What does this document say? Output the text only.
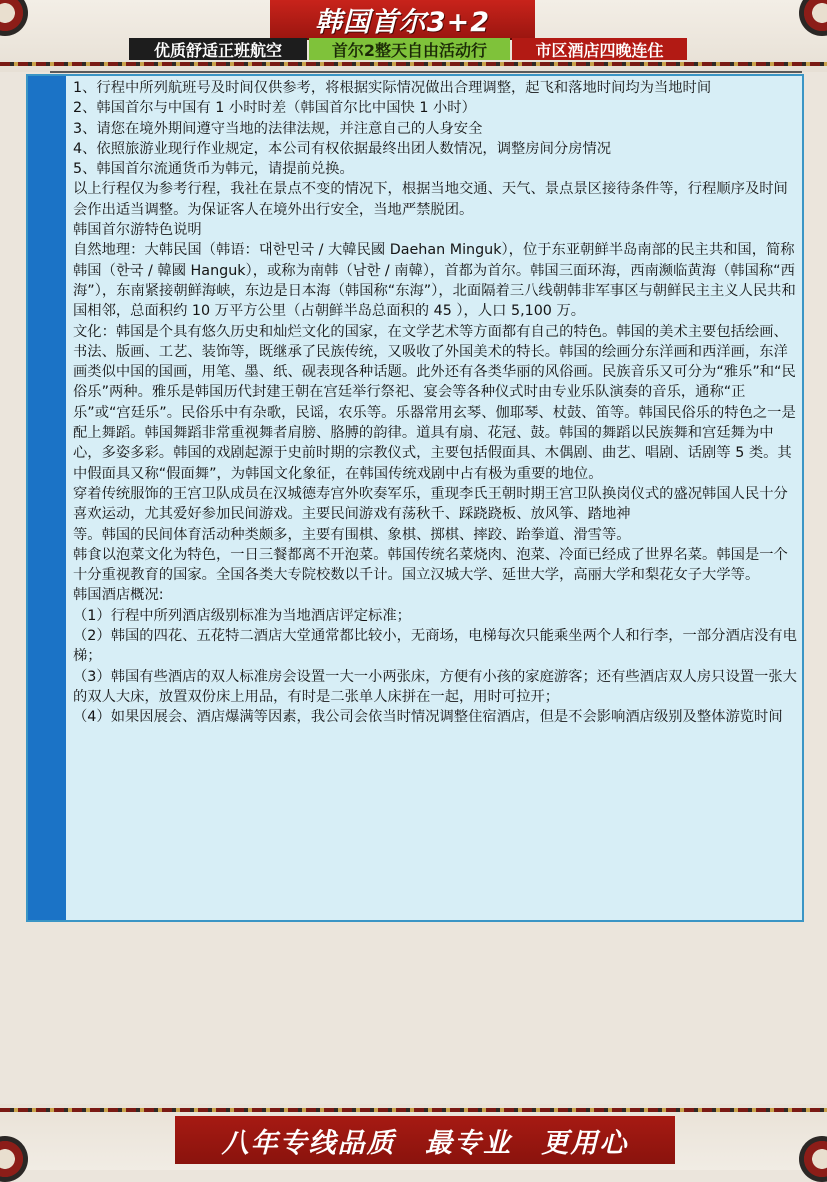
韩国首尔3+2
优质舒适正班航空	首尔2整天自由活动行	市区酒店四晚连住

1、行程中所列航班号及时间仅供参考，将根据实际情况做出合理调整，起飞和落地时间均为当地时间

2、韩国首尔与中国有 1 小时时差（韩国首尔比中国快 1 小时）

3、请您在境外期间遵守当地的法律法规，并注意自己的人身安全

4、依照旅游业现行作业规定，本公司有权依据最终出团人数情况，调整房间分房情况

5、韩国首尔流通货币为韩元，请提前兑换。

以上行程仅为参考行程，我社在景点不变的情况下，根据当地交通、天气、景点景区接待条件等，行程顺序及时间会作出适当调整。为保证客人在境外出行安全，当地严禁脱团。

韩国首尔游特色说明

自然地理：大韩民国（韩语：대한민국 / 大韓民國 Daehan Minguk），位于东亚朝鲜半岛南部的民主共和国，简称韩国（한국 / 韓國 Hanguk），或称为南韩（남한 / 南韓），首都为首尔。韩国三面环海，西南濒临黄海（韩国称“西海”），东南紧接朝鲜海峡，东边是日本海（韩国称“东海”），北面隔着三八线朝韩非军事区与朝鲜民主主义人民共和国相邻，总面积约 10 万平方公里（占朝鲜半岛总面积的 45 ），人口 5,100 万。

文化：韩国是个具有悠久历史和灿烂文化的国家，在文学艺术等方面都有自己的特色。韩国的美术主要包括绘画、书法、版画、工艺、装饰等，既继承了民族传统，又吸收了外国美术的特长。韩国的绘画分东洋画和西洋画，东洋画类似中国的国画，用笔、墨、纸、砚表现各种话题。此外还有各类华丽的风俗画。民族音乐又可分为“雅乐”和“民俗乐”两种。雅乐是韩国历代封建王朝在宫廷举行祭祀、宴会等各种仪式时由专业乐队演奏的音乐，通称“正乐”或“宫廷乐”。民俗乐中有杂歌，民谣，农乐等。乐器常用玄琴、伽耶琴、杖鼓、笛等。韩国民俗乐的特色之一是配上舞蹈。韩国舞蹈非常重视舞者肩膀、胳膊的韵律。道具有扇、花冠、鼓。韩国的舞蹈以民族舞和宫廷舞为中心，多姿多彩。韩国的戏剧起源于史前时期的宗教仪式，主要包括假面具、木偶剧、曲艺、唱剧、话剧等 5 类。其中假面具又称“假面舞”，为韩国文化象征，在韩国传统戏剧中占有极为重要的地位。

穿着传统服饰的王宫卫队成员在汉城德寿宫外吹奏军乐，重现李氏王朝时期王宫卫队换岗仪式的盛况韩国人民十分喜欢运动，尤其爱好参加民间游戏。主要民间游戏有荡秋千、踩跷跷板、放风筝、踏地神

等。韩国的民间体育活动种类颇多，主要有围棋、象棋、掷棋、摔跤、跆拳道、滑雪等。

韩食以泡菜文化为特色，一日三餐都离不开泡菜。韩国传统名菜烧肉、泡菜、冷面已经成了世界名菜。韩国是一个十分重视教育的国家。全国各类大专院校数以千计。国立汉城大学、延世大学，高丽大学和梨花女子大学等。

韩国酒店概况:

（1）行程中所列酒店级别标准为当地酒店评定标准；

（2）韩国的四花、五花特二酒店大堂通常都比较小，无商场，电梯每次只能乘坐两个人和行李，一部分酒店没有电梯；

（3）韩国有些酒店的双人标准房会设置一大一小两张床，方便有小孩的家庭游客；还有些酒店双人房只设置一张大的双人大床，放置双份床上用品，有时是二张单人床拼在一起，用时可拉开；

（4）如果因展会、酒店爆满等因素，我公司会依当时情况调整住宿酒店，但是不会影响酒店级别及整体游览时间

八年专线品质 最专业 更用心
